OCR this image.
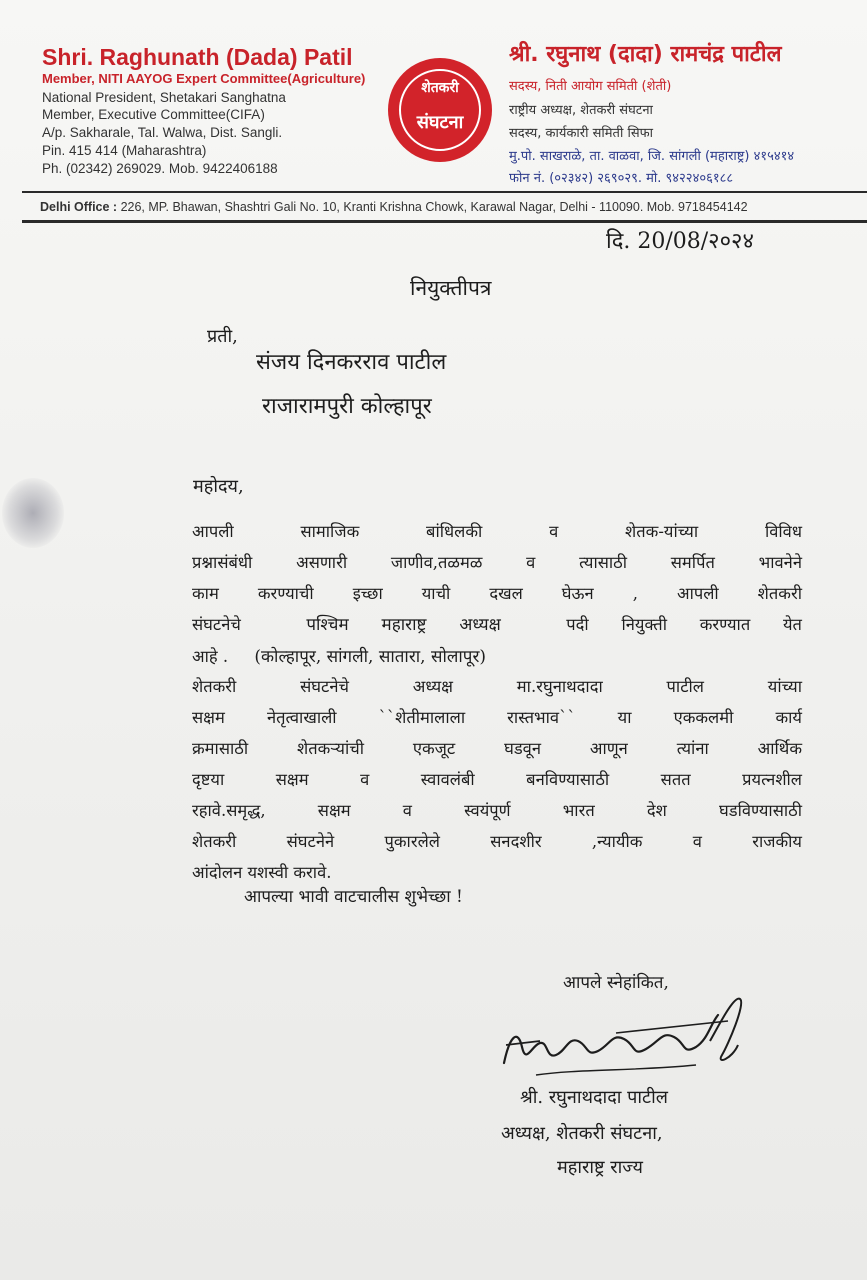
Shri. Raghunath (Dada) Patil
Member, NITI AAYOG Expert Committee(Agriculture)
National President, Shetakari Sanghatna
Member, Executive Committee(CIFA)
A/p. Sakharale, Tal. Walwa, Dist. Sangli.
Pin. 415 414 (Maharashtra)
Ph. (02342) 269029. Mob. 9422406188
शेतकरी
संघटना
श्री. रघुनाथ (दादा) रामचंद्र पाटील
सदस्य, निती आयोग समिती (शेती)
राष्ट्रीय अध्यक्ष, शेतकरी संघटना
सदस्य, कार्यकारी समिती सिफा
मु.पो. साखराळे, ता. वाळवा, जि. सांगली (महाराष्ट्र) ४१५४१४
फोन नं. (०२३४२) २६९०२९. मो. ९४२२४०६१८८
Delhi Office : 226, MP. Bhawan, Shashtri Gali No. 10, Kranti Krishna Chowk, Karawal Nagar, Delhi - 110090. Mob. 9718454142
दि. 20/08/२०२४
नियुक्तीपत्र
प्रती,
संजय दिनकरराव पाटील
राजारामपुरी कोल्हापूर
महोदय,
आपली सामाजिक बांधिलकी व शेतक-यांच्या विविध
प्रश्नासंबंधी असणारी जाणीव,तळमळ व त्यासाठी समर्पित भावनेने
काम करण्याची इच्छा याची दखल घेऊन , आपली शेतकरी
संघटनेचे	पश्चिम महाराष्ट्र अध्यक्ष	पदी नियुक्ती करण्यात येत
आहे . (कोल्हापूर, सांगली, सातारा, सोलापूर)
शेतकरी संघटनेचे अध्यक्ष मा.रघुनाथदादा पाटील यांच्या
सक्षम नेतृत्वाखाली ``शेतीमालाला रास्तभाव`` या एककलमी कार्य
क्रमासाठी शेतकऱ्यांची एकजूट घडवून आणून त्यांना आर्थिक
दृष्टया सक्षम व स्वावलंबी बनविण्यासाठी सतत प्रयत्नशील
रहावे.समृद्ध, सक्षम व स्वयंपूर्ण भारत देश घडविण्यासाठी
शेतकरी संघटनेने पुकारलेले सनदशीर ,न्यायीक व राजकीय
आंदोलन यशस्वी करावे.
आपल्या भावी वाटचालीस शुभेच्छा !
आपले स्नेहांकित,
श्री. रघुनाथदादा पाटील
अध्यक्ष, शेतकरी संघटना,
महाराष्ट्र राज्य
